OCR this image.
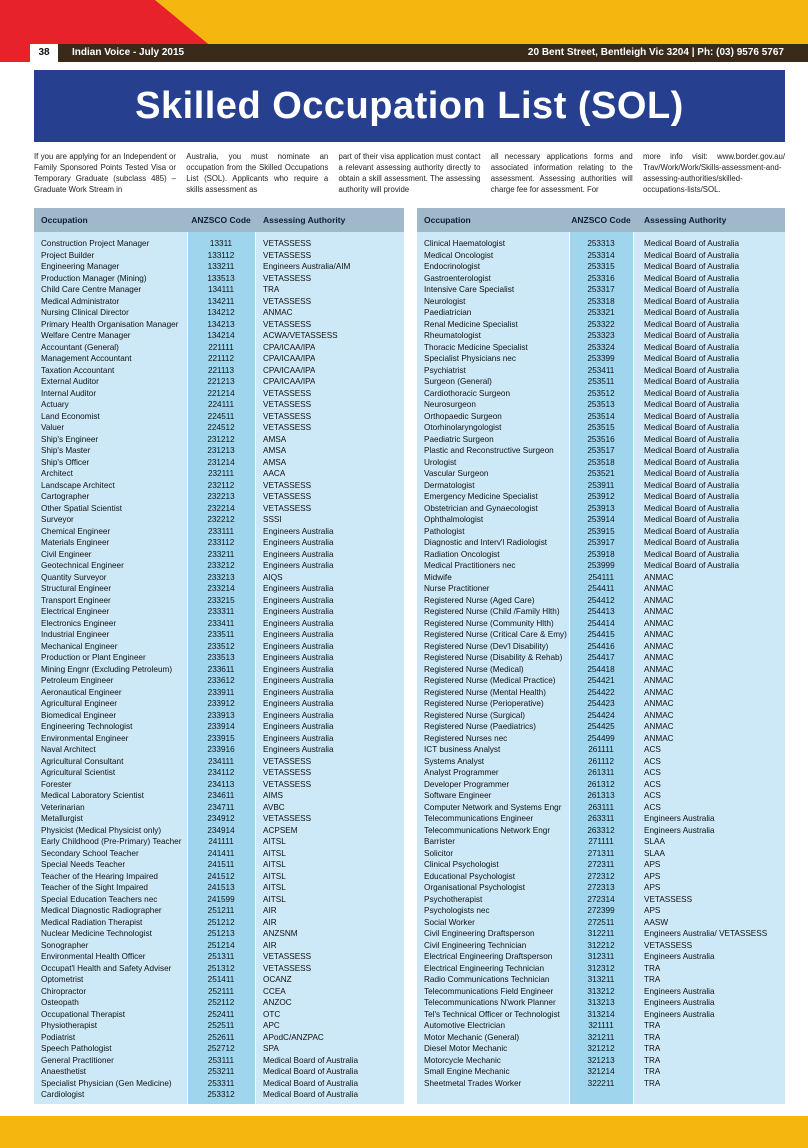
38	Indian Voice - July 2015	20 Bent Street, Bentleigh Vic 3204 | Ph: (03) 9576 5767
Skilled Occupation List (SOL)
If you are applying for an Independent or Family Sponsored Points Tested Visa or Temporary Graduate (subclass 485) – Graduate Work Stream in
Australia, you must nominate an occupation from the Skilled Occupations List (SOL). Applicants who require a skills assessment as
part of their visa application must contact a relevant assessing authority directly to obtain a skill assessment. The assessing authority will provide
all necessary applications forms and associated information relating to the assessment. Assessing authorities will charge fee for assessment. For
more info visit: www.border.gov.au/ Trav/Work/Work/Skills-assessment-and-assessing-authorities/skilled-occupations-lists/SOL.
Occupation	ANZSCO Code	Assessing Authority
Construction Project Manager	13311	VETASSESS
Project Builder	133112	VETASSESS
Engineering Manager	133211	Engineers Australia/AIM
Production Manager (Mining)	133513	VETASSESS
Child Care Centre Manager	134111	TRA
Medical Administrator	134211	VETASSESS
Nursing Clinical Director	134212	ANMAC
Primary Health Organisation Manager	134213	VETASSESS
Welfare Centre Manager	134214	ACWA/VETASSESS
Accountant (General)	221111	CPA/ICAA/IPA
Management Accountant	221112	CPA/ICAA/IPA
Taxation Accountant	221113	CPA/ICAA/IPA
External Auditor	221213	CPA/ICAA/IPA
Internal Auditor	221214	VETASSESS
Actuary	224111	VETASSESS
Land Economist	224511	VETASSESS
Valuer	224512	VETASSESS
Ship's Engineer	231212	AMSA
Ship's Master	231213	AMSA
Ship's Officer	231214	AMSA
Architect	232111	AACA
Landscape Architect	232112	VETASSESS
Cartographer	232213	VETASSESS
Other Spatial Scientist	232214	VETASSESS
Surveyor	232212	SSSI
Chemical Engineer	233111	Engineers Australia
Materials Engineer	233112	Engineers Australia
Civil Engineer	233211	Engineers Australia
Geotechnical Engineer	233212	Engineers Australia
Quantity Surveyor	233213	AIQS
Structural Engineer	233214	Engineers Australia
Transport Engineer	233215	Engineers Australia
Electrical Engineer	233311	Engineers Australia
Electronics Engineer	233411	Engineers Australia
Industrial Engineer	233511	Engineers Australia
Mechanical Engineer	233512	Engineers Australia
Production or Plant Engineer	233513	Engineers Australia
Mining Engnr (Excluding Petroleum)	233611	Engineers Australia
Petroleum Engineer	233612	Engineers Australia
Aeronautical Engineer	233911	Engineers Australia
Agricultural Engineer	233912	Engineers Australia
Biomedical Engineer	233913	Engineers Australia
Engineering Technologist	233914	Engineers Australia
Environmental Engineer	233915	Engineers Australia
Naval Architect	233916	Engineers Australia
Agricultural Consultant	234111	VETASSESS
Agricultural Scientist	234112	VETASSESS
Forester	234113	VETASSESS
Medical Laboratory Scientist	234611	AIMS
Veterinarian	234711	AVBC
Metallurgist	234912	VETASSESS
Physicist (Medical Physicist only)	234914	ACPSEM
Early Childhood (Pre-Primary) Teacher	241111	AITSL
Secondary School Teacher	241411	AITSL
Special Needs Teacher	241511	AITSL
Teacher of the Hearing Impaired	241512	AITSL
Teacher of the Sight Impaired	241513	AITSL
Special Education Teachers nec	241599	AITSL
Medical Diagnostic Radiographer	251211	AIR
Medical Radiation Therapist	251212	AIR
Nuclear Medicine Technologist	251213	ANZSNM
Sonographer	251214	AIR
Environmental Health Officer	251311	VETASSESS
Occupat'l Health and Safety Adviser	251312	VETASSESS
Optometrist	251411	OCANZ
Chiropractor	252111	CCEA
Osteopath	252112	ANZOC
Occupational Therapist	252411	OTC
Physiotherapist	252511	APC
Podiatrist	252611	APodC/ANZPAC
Speech Pathologist	252712	SPA
General Practitioner	253111	Medical Board of Australia
Anaesthetist	253211	Medical Board of Australia
Specialist Physician (Gen Medicine)	253311	Medical Board of Australia
Cardiologist	253312	Medical Board of Australia
Occupation	ANZSCO Code Assessing Authority
Clinical Haematologist	253313	Medical Board of Australia
Medical Oncologist	253314	Medical Board of Australia
Endocrinologist	253315	Medical Board of Australia
Gastroenterologist	253316	Medical Board of Australia
Intensive Care Specialist	253317	Medical Board of Australia
Neurologist	253318	Medical Board of Australia
Paediatrician	253321	Medical Board of Australia
Renal Medicine Specialist	253322	Medical Board of Australia
Rheumatologist	253323	Medical Board of Australia
Thoracic Medicine Specialist	253324	Medical Board of Australia
Specialist Physicians nec	253399	Medical Board of Australia
Psychiatrist	253411	Medical Board of Australia
Surgeon (General)	253511	Medical Board of Australia
Cardiothoracic Surgeon	253512	Medical Board of Australia
Neurosurgeon	253513	Medical Board of Australia
Orthopaedic Surgeon	253514	Medical Board of Australia
Otorhinolaryngologist	253515	Medical Board of Australia
Paediatric Surgeon	253516	Medical Board of Australia
Plastic and Reconstructive Surgeon	253517	Medical Board of Australia
Urologist	253518	Medical Board of Australia
Vascular Surgeon	253521	Medical Board of Australia
Dermatologist	253911	Medical Board of Australia
Emergency Medicine Specialist	253912	Medical Board of Australia
Obstetrician and Gynaecologist	253913	Medical Board of Australia
Ophthalmologist	253914	Medical Board of Australia
Pathologist	253915	Medical Board of Australia
Diagnostic and Interv'l Radiologist	253917	Medical Board of Australia
Radiation Oncologist	253918	Medical Board of Australia
Medical Practitioners nec	253999	Medical Board of Australia
Midwife	254111	ANMAC
Nurse Practitioner	254411	ANMAC
Registered Nurse (Aged Care)	254412	ANMAC
Registered Nurse (Child /Family Hlth)	254413	ANMAC
Registered Nurse (Community Hlth)	254414	ANMAC
Registered Nurse (Critical Care & Emy)	254415	ANMAC
Registered Nurse (Dev'l Disability)	254416	ANMAC
Registered Nurse (Disability & Rehab)	254417	ANMAC
Registered Nurse (Medical)	254418	ANMAC
Registered Nurse (Medical Practice)	254421	ANMAC
Registered Nurse (Mental Health)	254422	ANMAC
Registered Nurse (Perioperative)	254423	ANMAC
Registered Nurse (Surgical)	254424	ANMAC
Registered Nurse (Paediatrics)	254425	ANMAC
Registered Nurses nec	254499	ANMAC
ICT business Analyst	261111	ACS
Systems Analyst	261112	ACS
Analyst Programmer	261311	ACS
Developer Programmer	261312	ACS
Software Engineer	261313	ACS
Computer Network and Systems Engr	263111	ACS
Telecommunications Engineer	263311	Engineers Australia
Telecommunications Network Engr	263312	Engineers Australia
Barrister	271111	SLAA
Solicitor	271311	SLAA
Clinical Psychologist	272311	APS
Educational Psychologist	272312	APS
Organisational Psychologist	272313	APS
Psychotherapist	272314	VETASSESS
Psychologists nec	272399	APS
Social Worker	272511	AASW
Civil Engineering Draftsperson	312211	Engineers Australia/ VETASSESS
Civil Engineering Technician	312212	VETASSESS
Electrical Engineering Draftsperson	312311	Engineers Australia
Electrical Engineering Technician	312312	TRA
Radio Communications Technician	313211	TRA
Telecommunications Field Engineer	313212	Engineers Australia
Telecommunications N'work Planner	313213	Engineers Australia
Tel's Technical Officer or Technologist	313214	Engineers Australia
Automotive Electrician	321111	TRA
Motor Mechanic (General)	321211	TRA
Diesel Motor Mechanic	321212	TRA
Motorcycle Mechanic	321213	TRA
Small Engine Mechanic	321214	TRA
Sheetmetal Trades Worker	322211	TRA
